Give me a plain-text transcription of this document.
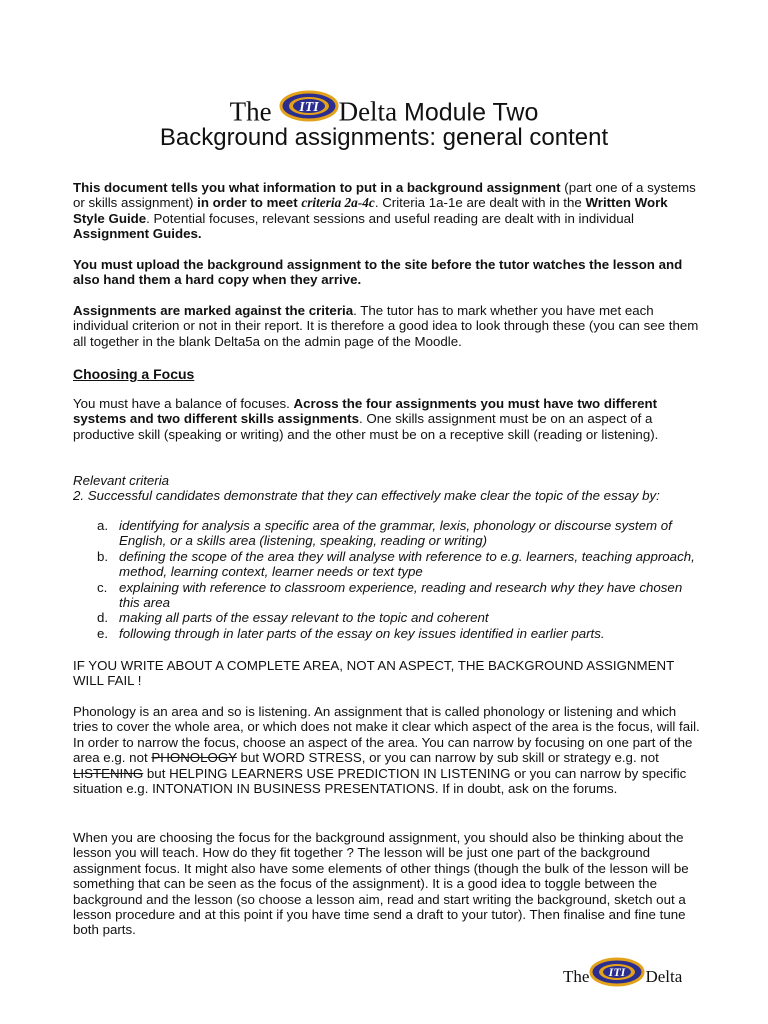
The ITI Delta Module Two
Background assignments: general content
This document tells you what information to put in a background assignment (part one of a systems or skills assignment) in order to meet criteria 2a-4c. Criteria 1a-1e are dealt with in the Written Work Style Guide. Potential focuses, relevant sessions and useful reading are dealt with in individual Assignment Guides.
You must upload the background assignment to the site before the tutor watches the lesson and also hand them a hard copy when they arrive.
Assignments are marked against the criteria. The tutor has to mark whether you have met each individual criterion or not in their report. It is therefore a good idea to look through these (you can see them all together in the blank Delta5a on the admin page of the Moodle.
Choosing a Focus
You must have a balance of focuses. Across the four assignments you must have two different systems and two different skills assignments. One skills assignment must be on an aspect of a productive skill (speaking or writing) and the other must be on a receptive skill (reading or listening).
Relevant criteria
2. Successful candidates demonstrate that they can effectively make clear the topic of the essay by:
a. identifying for analysis a specific area of the grammar, lexis, phonology or discourse system of English, or a skills area (listening, speaking, reading or writing)
b. defining the scope of the area they will analyse with reference to e.g. learners, teaching approach, method, learning context, learner needs or text type
c. explaining with reference to classroom experience, reading and research why they have chosen this area
d. making all parts of the essay relevant to the topic and coherent
e. following through in later parts of the essay on key issues identified in earlier parts.
IF YOU WRITE ABOUT A COMPLETE AREA, NOT AN ASPECT, THE BACKGROUND ASSIGNMENT WILL FAIL !
Phonology is an area and so is listening. An assignment that is called phonology or listening and which tries to cover the whole area, or which does not make it clear which aspect of the area is the focus, will fail. In order to narrow the focus, choose an aspect of the area. You can narrow by focusing on one part of the area e.g. not PHONOLOGY but WORD STRESS, or you can narrow by sub skill or strategy e.g. not LISTENING but HELPING LEARNERS USE PREDICTION IN LISTENING or you can narrow by specific situation e.g. INTONATION IN BUSINESS PRESENTATIONS. If in doubt, ask on the forums.
When you are choosing the focus for the background assignment, you should also be thinking about the lesson you will teach. How do they fit together ? The lesson will be just one part of the background assignment focus. It might also have some elements of other things (though the bulk of the lesson will be something that can be seen as the focus of the assignment). It is a good idea to toggle between the background and the lesson (so choose a lesson aim, read and start writing the background, sketch out a lesson procedure and at this point if you have time send a draft to your tutor). Then finalise and fine tune both parts.
The ITI Delta
